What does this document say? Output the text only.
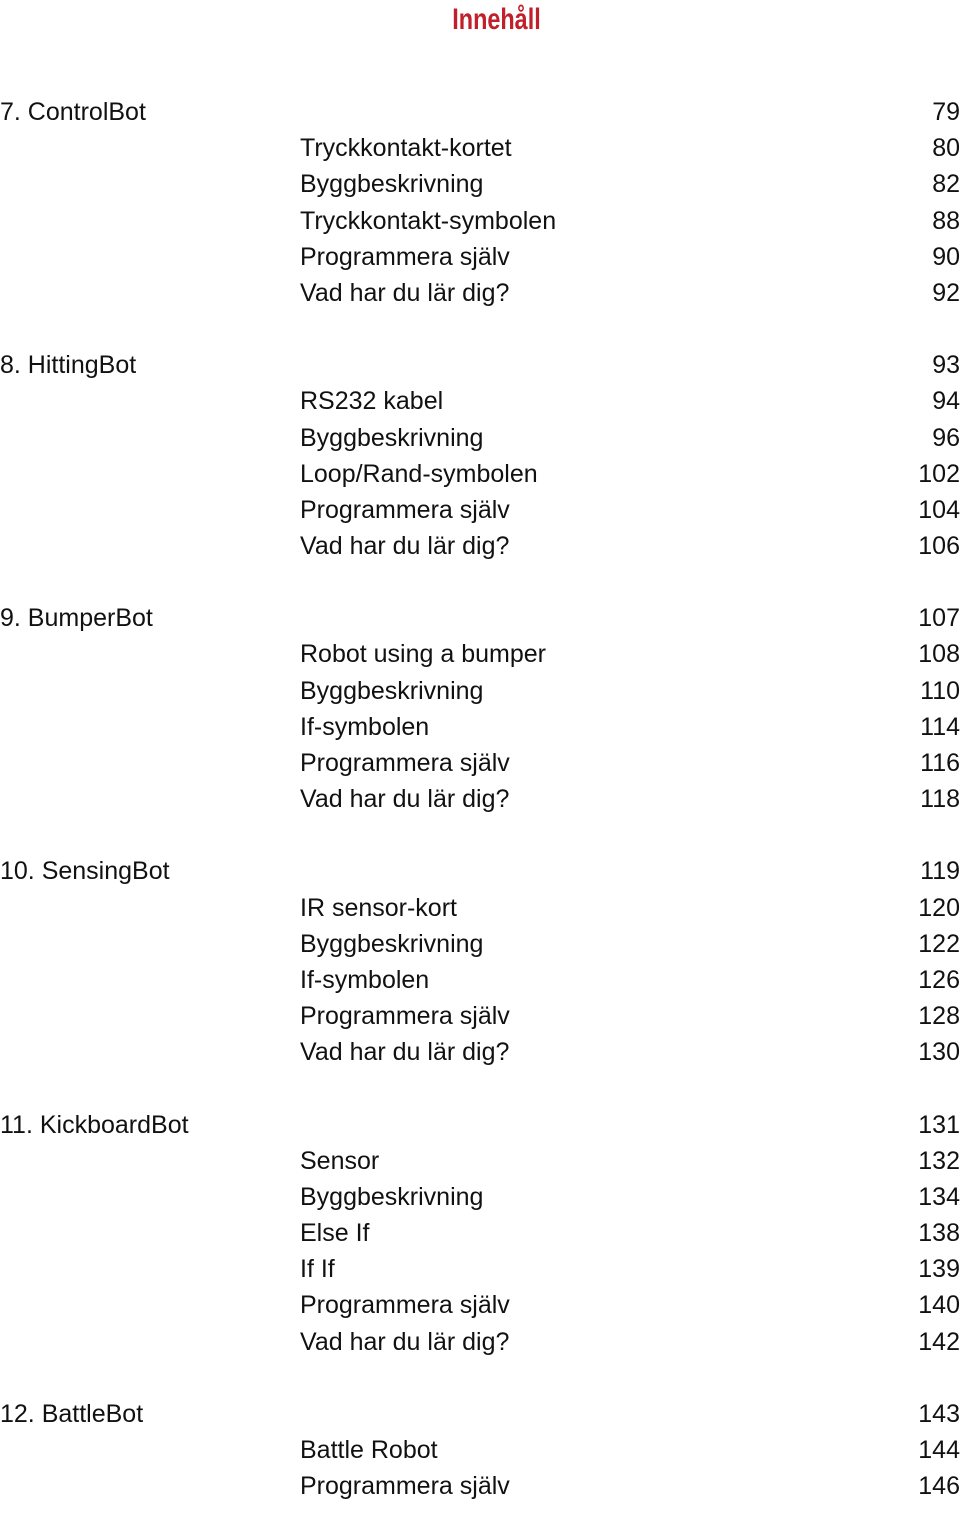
Innehåll
7. ControlBot	79
Tryckkontakt-kortet	80
Byggbeskrivning	82
Tryckkontakt-symbolen	88
Programmera själv	90
Vad har du lär dig?	92
8. HittingBot	93
RS232 kabel	94
Byggbeskrivning	96
Loop/Rand-symbolen	102
Programmera själv	104
Vad har du lär dig?	106
9. BumperBot	107
Robot using a bumper	108
Byggbeskrivning	110
If-symbolen	114
Programmera själv	116
Vad har du lär dig?	118
10. SensingBot	119
IR sensor-kort	120
Byggbeskrivning	122
If-symbolen	126
Programmera själv	128
Vad har du lär dig?	130
11. KickboardBot	131
Sensor	132
Byggbeskrivning	134
Else If	138
If If	139
Programmera själv	140
Vad har du lär dig?	142
12. BattleBot	143
Battle Robot	144
Programmera själv	146
